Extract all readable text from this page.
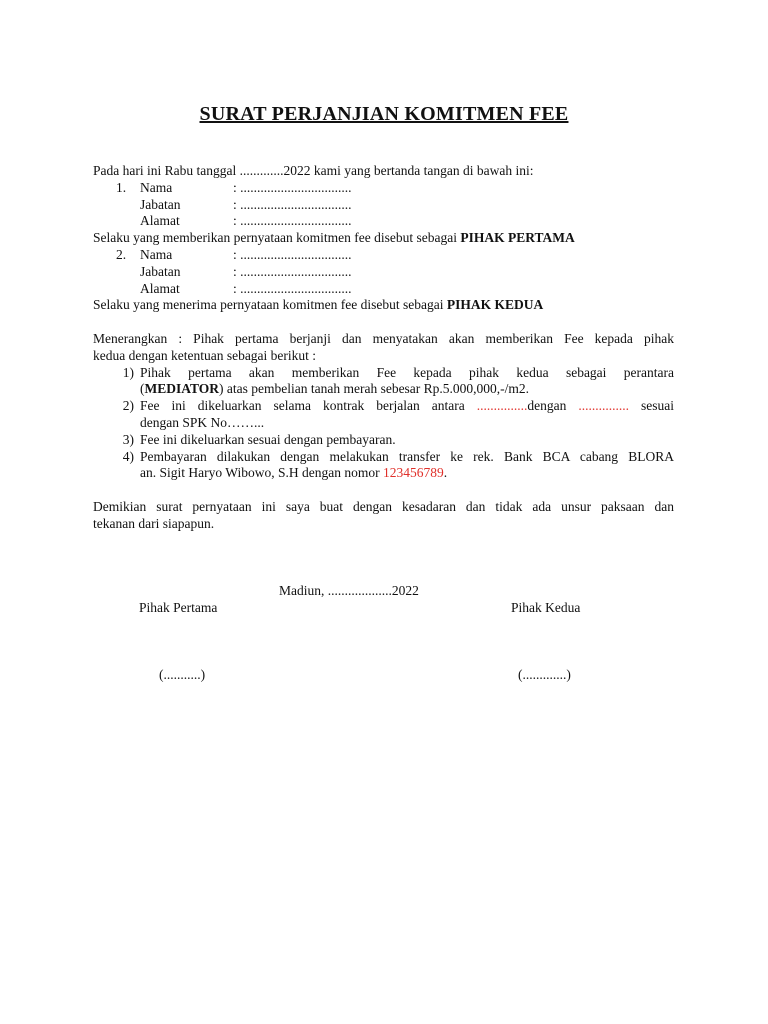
SURAT PERJANJIAN KOMITMEN FEE
Pada hari ini Rabu tanggal .............2022 kami yang bertanda tangan di bawah ini:
1.	Nama	: .................................
Jabatan	: .................................
Alamat	: .................................
Selaku yang memberikan pernyataan komitmen fee disebut sebagai PIHAK PERTAMA
2.	Nama	: .................................
Jabatan	: .................................
Alamat	: .................................
Selaku yang menerima pernyataan komitmen fee disebut sebagai PIHAK KEDUA
Menerangkan : Pihak pertama berjanji dan menyatakan akan memberikan Fee kepada pihak
kedua dengan ketentuan sebagai berikut :
1) Pihak pertama akan memberikan Fee kepada pihak kedua sebagai perantara
(MEDIATOR) atas pembelian tanah merah sebesar Rp.5.000,000,-/m2.
2) Fee ini dikeluarkan selama kontrak berjalan antara ...............dengan ............... sesuai
dengan SPK No……...
3) Fee ini dikeluarkan sesuai dengan pembayaran.
4) Pembayaran dilakukan dengan melakukan transfer ke rek. Bank BCA cabang BLORA
an. Sigit Haryo Wibowo, S.H dengan nomor 123456789.
Demikian surat pernyataan ini saya buat dengan kesadaran dan tidak ada unsur paksaan dan
tekanan dari siapapun.
Madiun, ...................2022
Pihak Pertama	Pihak Kedua
(...........)	(.............)
